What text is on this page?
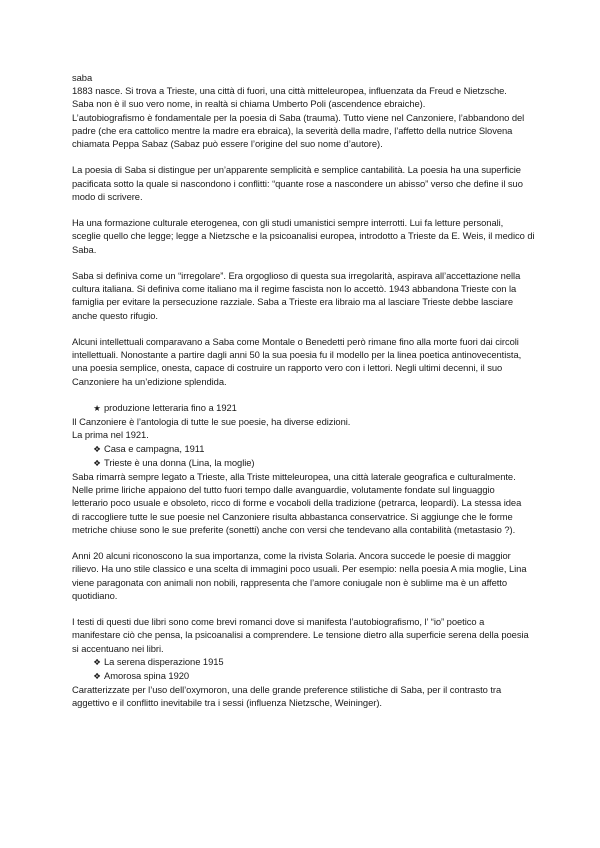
saba
1883 nasce. Si trova a Trieste, una città di fuori, una città mitteleuropea, influenzata da Freud e Nietzsche.
Saba non è il suo vero nome, in realtà si chiama Umberto Poli (ascendence ebraiche).
L’autobiografismo è fondamentale per la poesia di Saba (trauma). Tutto viene nel Canzoniere, l’abbandono del
padre (che era cattolico mentre la madre era ebraica), la severità della madre, l’affetto della nutrice Slovena
chiamata Peppa Sabaz (Sabaz può essere l’origine del suo nome d’autore).
La poesia di Saba si distingue per un’apparente semplicità e semplice cantabilità. La poesia ha una superficie
pacificata sotto la quale si nascondono i conflitti: “quante rose a nascondere un abisso” verso che define il suo
modo di scrivere.
Ha una formazione culturale eterogenea, con gli studi umanistici sempre interrotti. Lui fa letture personali,
sceglie quello che legge; legge a Nietzsche e la psicoanalisi europea, introdotto a Trieste da E. Weis, il medico di
Saba.
Saba si definiva come un “irregolare”. Era orgoglioso di questa sua irregolarità, aspirava all’accettazione nella
cultura italiana. Si definiva come italiano ma il regime fascista non lo accettò. 1943 abbandona Trieste con la
famiglia per evitare la persecuzione razziale. Saba a Trieste era libraio ma al lasciare Trieste debbe lasciare
anche questo rifugio.
Alcuni intellettuali comparavano a Saba come Montale o Benedetti però rimane fino alla morte fuori dai circoli
intellettuali. Nonostante a partire dagli anni 50 la sua poesia fu il modello per la linea poetica antinovecentista,
una poesia semplice, onesta, capace di costruire un rapporto vero con i lettori. Negli ultimi decenni, il suo
Canzoniere ha un’edizione splendida.
★ produzione letteraria fino a 1921
Il Canzoniere è l’antologia di tutte le sue poesie, ha diverse edizioni.
La prima nel 1921.
❖ Casa e campagna, 1911
❖ Trieste è una donna (Lina, la moglie)
Saba rimarrà sempre legato a Trieste, alla Triste mitteleuropea, una città laterale geografica e culturalmente.
Nelle prime liriche appaiono del tutto fuori tempo dalle avanguardie, volutamente fondate sul linguaggio
letterario poco usuale e obsoleto, ricco di forme e vocaboli della tradizione (petrarca, leopardi). La stessa idea
di raccogliere tutte le sue poesie nel Canzoniere risulta abbastanca conservatrice. Si aggiunge che le forme
metriche chiuse sono le sue preferite (sonetti) anche con versi che tendevano alla contabilità (metastasio ?).
Anni 20 alcuni riconoscono la sua importanza, come la rivista Solaria. Ancora succede le poesie di maggior
rilievo. Ha uno stile classico e una scelta di immagini poco usuali. Per esempio: nella poesia A mia moglie, Lina
viene paragonata con animali non nobili, rappresenta che l’amore coniugale non è sublime ma è un affetto
quotidiano.
I testi di questi due libri sono come brevi romanci dove si manifesta l’autobiografismo, l’ “io” poetico a
manifestare ciò che pensa, la psicoanalisi a comprendere. Le tensione dietro alla superficie serena della poesia
si accentuano nei libri.
❖ La serena disperazione 1915
❖ Amorosa spina 1920
Caratterizzate per l’uso dell’oxymoron, una delle grande preference stilistiche di Saba, per il contrasto tra
aggettivo e il conflitto inevitabile tra i sessi (influenza Nietzsche, Weininger).
